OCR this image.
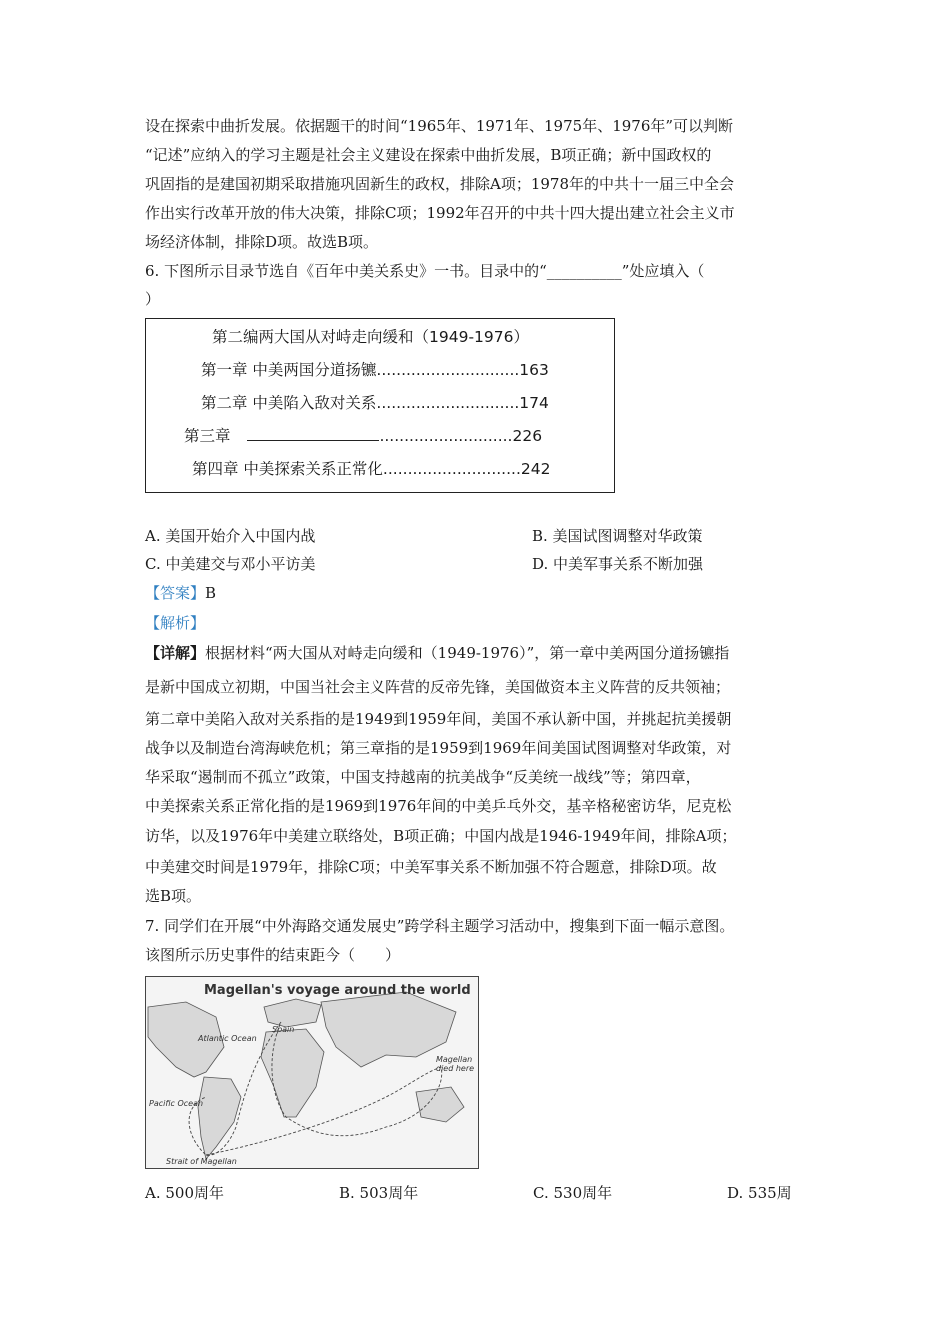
设在探索中曲折发展。依据题干的时间“1965年、1971年、1975年、1976年”可以判断
“记述”应纳入的学习主题是社会主义建设在探索中曲折发展，B项正确；新中国政权的
巩固指的是建国初期采取措施巩固新生的政权，排除A项；1978年的中共十一届三中全会
作出实行改革开放的伟大决策，排除C项；1992年召开的中共十四大提出建立社会主义市
场经济体制，排除D项。故选B项。
6. 下图所示目录节选自《百年中美关系史》一书。目录中的“__________”处应填入（
）
第二编两大国从对峙走向缓和（1949-1976）
第一章 中美两国分道扬镳.............................163
第二章 中美陷入敌对关系.............................174
第三章	...........................226
第四章 中美探索关系正常化............................242
A. 美国开始介入中国内战	B. 美国试图调整对华政策
C. 中美建交与邓小平访美	D. 中美军事关系不断加强
【答案】B
【解析】
【详解】根据材料“两大国从对峙走向缓和（1949-1976）”，第一章中美两国分道扬镳指
是新中国成立初期，中国当社会主义阵营的反帝先锋，美国做资本主义阵营的反共领袖；
第二章中美陷入敌对关系指的是1949到1959年间，美国不承认新中国，并挑起抗美援朝
战争以及制造台湾海峡危机；第三章指的是1959到1969年间美国试图调整对华政策，对
华采取“遏制而不孤立”政策，中国支持越南的抗美战争“反美统一战线”等；第四章，
中美探索关系正常化指的是1969到1976年间的中美乒乓外交，基辛格秘密访华，尼克松
访华，以及1976年中美建立联络处，B项正确；中国内战是1946-1949年间，排除A项；
中美建交时间是1979年，排除C项；中美军事关系不断加强不符合题意，排除D项。故
选B项。
7. 同学们在开展“中外海路交通发展史”跨学科主题学习活动中，搜集到下面一幅示意图。
该图所示历史事件的结束距今（　　）
Magellan's voyage around the world
Spain
Atlantic Ocean
Pacific Ocean
Magellan died here
Strait of Magellan
A. 500周年	B. 503周年	C. 530周年	D. 535周
